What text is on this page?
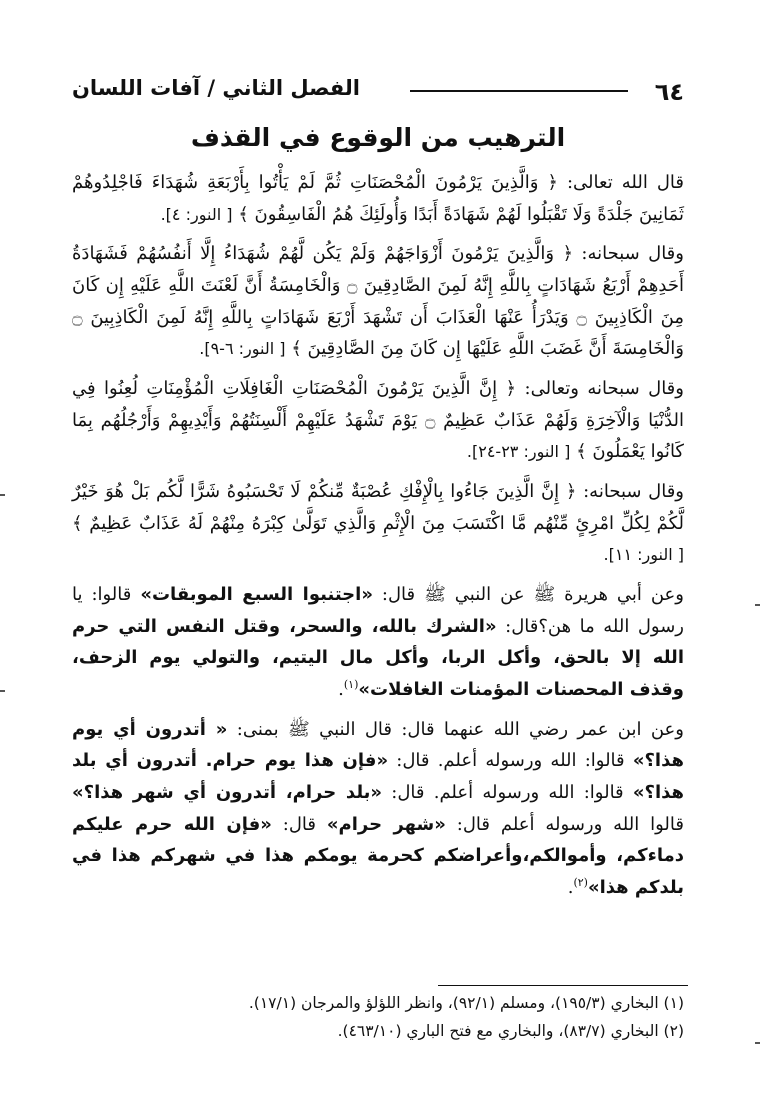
٦٤
الفصل الثاني / آفات اللسان
الترهيب من الوقوع في القذف

قال الله تعالى: ﴿ وَالَّذِينَ يَرْمُونَ الْمُحْصَنَاتِ ثُمَّ لَمْ يَأْتُوا بِأَرْبَعَةِ شُهَدَاءَ فَاجْلِدُوهُمْ ثَمَانِينَ جَلْدَةً وَلَا تَقْبَلُوا لَهُمْ شَهَادَةً أَبَدًا وَأُولَئِكَ هُمُ الْفَاسِقُونَ ﴾ [ النور: ٤].

وقال سبحانه: ﴿ وَالَّذِينَ يَرْمُونَ أَزْوَاجَهُمْ وَلَمْ يَكُن لَّهُمْ شُهَدَاءُ إِلَّا أَنفُسُهُمْ فَشَهَادَةُ أَحَدِهِمْ أَرْبَعُ شَهَادَاتٍ بِاللَّهِ إِنَّهُ لَمِنَ الصَّادِقِينَ ۝ وَالْخَامِسَةُ أَنَّ لَعْنَتَ اللَّهِ عَلَيْهِ إِن كَانَ مِنَ الْكَاذِبِينَ ۝ وَيَدْرَأُ عَنْهَا الْعَذَابَ أَن تَشْهَدَ أَرْبَعَ شَهَادَاتٍ بِاللَّهِ إِنَّهُ لَمِنَ الْكَاذِبِينَ ۝ وَالْخَامِسَةَ أَنَّ غَضَبَ اللَّهِ عَلَيْهَا إِن كَانَ مِنَ الصَّادِقِينَ ﴾ [ النور: ٦-٩].

وقال سبحانه وتعالى: ﴿ إِنَّ الَّذِينَ يَرْمُونَ الْمُحْصَنَاتِ الْغَافِلَاتِ الْمُؤْمِنَاتِ لُعِنُوا فِي الدُّنْيَا وَالْآخِرَةِ وَلَهُمْ عَذَابٌ عَظِيمٌ ۝ يَوْمَ تَشْهَدُ عَلَيْهِمْ أَلْسِنَتُهُمْ وَأَيْدِيهِمْ وَأَرْجُلُهُم بِمَا كَانُوا يَعْمَلُونَ ﴾ [ النور: ٢٣-٢٤].

وقال سبحانه: ﴿ إِنَّ الَّذِينَ جَاءُوا بِالْإِفْكِ عُصْبَةٌ مِّنكُمْ لَا تَحْسَبُوهُ شَرًّا لَّكُم بَلْ هُوَ خَيْرٌ لَّكُمْ لِكُلِّ امْرِئٍ مِّنْهُم مَّا اكْتَسَبَ مِنَ الْإِثْمِ وَالَّذِي تَوَلَّىٰ كِبْرَهُ مِنْهُمْ لَهُ عَذَابٌ عَظِيمٌ ﴾ [ النور: ١١].

وعن أبي هريرة ﷺ عن النبي ﷺ قال: «اجتنبوا السبع الموبقات» قالوا: يا رسول الله ما هن؟قال: «الشرك بالله، والسحر، وقتل النفس التي حرم الله إلا بالحق، وأكل الربا، وأكل مال اليتيم، والتولي يوم الزحف، وقذف المحصنات المؤمنات الغافلات»$^{(١)}$.

وعن ابن عمر رضي الله عنهما قال: قال النبي ﷺ بمنى: « أتدرون أي يوم هذا؟» قالوا: الله ورسوله أعلم. قال: «فإن هذا يوم حرام. أتدرون أي بلد هذا؟» قالوا: الله ورسوله أعلم. قال: «بلد حرام، أتدرون أي شهر هذا؟» قالوا الله ورسوله أعلم قال: «شهر حرام» قال: «فإن الله حرم عليكم دماءكم، وأموالكم،وأعراضكم كحرمة يومكم هذا في شهركم هذا في بلدكم هذا»$^{(٢)}$.

(١) البخاري (١٩٥/٣)، ومسلم (٩٢/١)، وانظر اللؤلؤ والمرجان (١٧/١).

(٢) البخاري (٨٣/٧)، والبخاري مع فتح الباري (٤٦٣/١٠).
